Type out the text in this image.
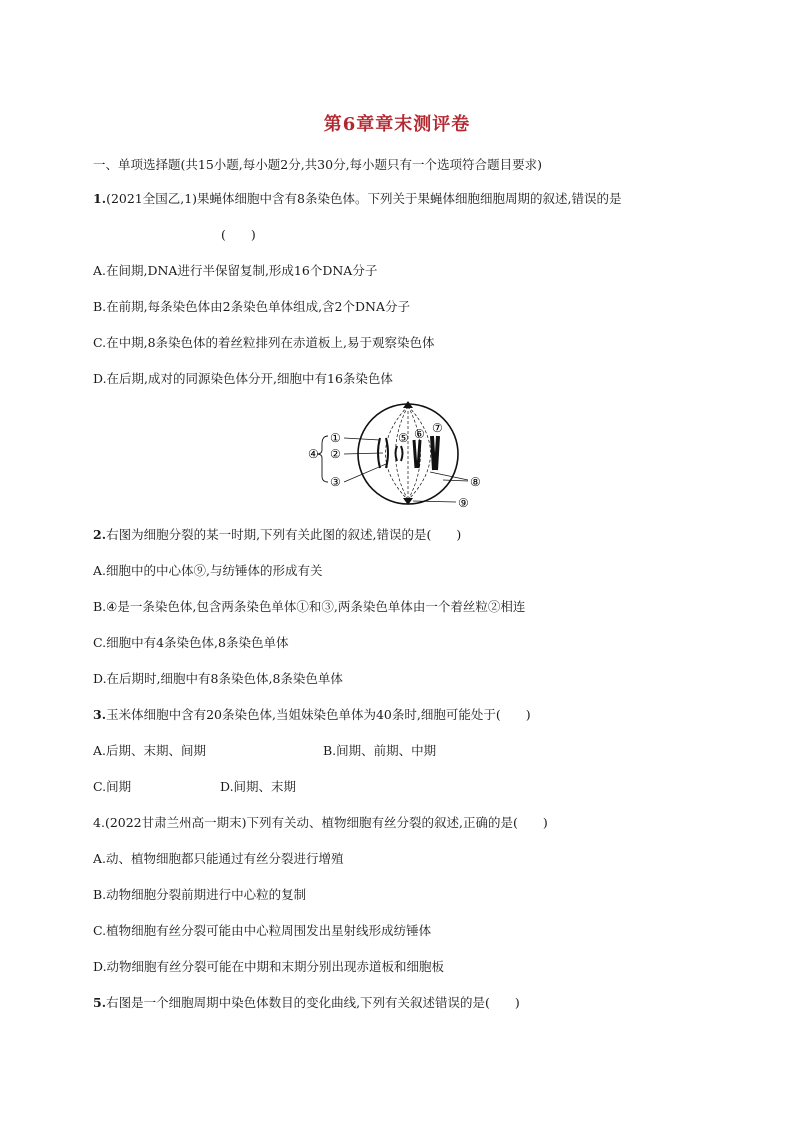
第6章章末测评卷
一、单项选择题(共15小题,每小题2分,共30分,每小题只有一个选项符合题目要求)
1.(2021全国乙,1)果蝇体细胞中含有8条染色体。下列关于果蝇体细胞细胞周期的叙述,错误的是
(　　)
A.在间期,DNA进行半保留复制,形成16个DNA分子
B.在前期,每条染色体由2条染色单体组成,含2个DNA分子
C.在中期,8条染色体的着丝粒排列在赤道板上,易于观察染色体
D.在后期,成对的同源染色体分开,细胞中有16条染色体
①
②
③
④
⑤ ⑥ ⑦
⑧
⑨
2.右图为细胞分裂的某一时期,下列有关此图的叙述,错误的是(　　)
A.细胞中的中心体⑨,与纺锤体的形成有关
B.④是一条染色体,包含两条染色单体①和③,两条染色单体由一个着丝粒②相连
C.细胞中有4条染色体,8条染色单体
D.在后期时,细胞中有8条染色体,8条染色单体
3.玉米体细胞中含有20条染色体,当姐妹染色单体为40条时,细胞可能处于(　　)
A.后期、末期、间期	B.间期、前期、中期
C.间期	D.间期、末期
4.(2022甘肃兰州高一期末)下列有关动、植物细胞有丝分裂的叙述,正确的是(　　)
A.动、植物细胞都只能通过有丝分裂进行增殖
B.动物细胞分裂前期进行中心粒的复制
C.植物细胞有丝分裂可能由中心粒周围发出星射线形成纺锤体
D.动物细胞有丝分裂可能在中期和末期分别出现赤道板和细胞板
5.右图是一个细胞周期中染色体数目的变化曲线,下列有关叙述错误的是(　　)
